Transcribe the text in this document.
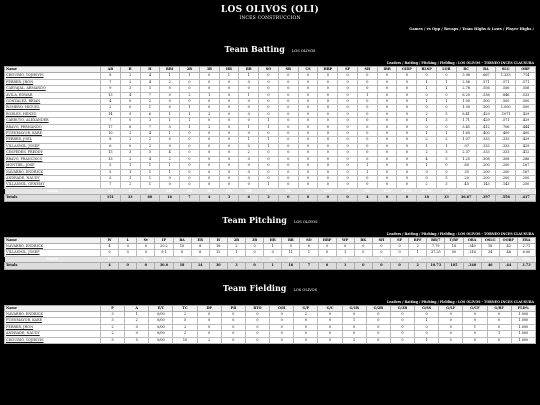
LOS OLIVOS (OLI)
INCES CONSTRUCCION
Games / vs Opp / Recaps / Team Highs & Lows / Player Highs /
Team Batting LOS OLIVOS
Leaders / Batting / Pitching / Fielding : LOS OLIVOS - TORNEO INCES CLAUSURA
Name	AB	R	H	RBI	2B	3B	HR	BB	SO	SB	CS	HBP	SF	SH	IBB	GIDP	BLSP	LOB	RC	BA	SLG	OBP
CHOURIO, YOJHSVIS	8	2	4	1	1	0	1	1	0	0	0	0	0	0	0	0	0	0	3.98	.667	1.333	.714
FERRER, JHON	7	2	4	2	0	0	0	0	0	0	0	0	0	0	0	0	1	1	2.58	.571	.571	.571
CARVAJAL, ARMANDO	9	3	5	0	0	0	0	0	0	0	0	0	0	0	0	0	1	1	2.78	.556	.556	.556
AVILA, EDWAR	13	4	7	0	2	1	0	1	0	0	0	0	0	1	0	0	0	0	6.20	.538	.846	.533
GONZALEZ, BRIAN	4	0	2	0	0	0	0	0	0	0	0	0	0	0	0	0	1	1	1.00	.500	.500	.500
ROMERO, MIGUEL	2	0	1	0	1	0	0	0	0	0	0	0	0	0	0	0	0	0	1.00	.500	1.000	.500
ROBLES, HENZO	14	5	6	1	1	2	0	0	0	0	0	0	0	0	0	0	2	5	6.41	.429	.1071	.429
CARRUYO, ALEXANDER	7	0	3	1	1	0	0	0	1	0	0	0	0	0	0	0	1	3	1.71	.429	.571	.429
BRAVO, FERNANDO	17	6	7	3	1	2	0	1	1	0	0	0	0	0	0	0	0	0	5.45	.412	.706	.444
FUENMAYOR, KARE	10	2	4	1	0	0	0	0	0	0	0	0	0	0	0	0	1	1	1.60	.400	.400	.400
FERRER, JOEL	8	2	2	0	0	0	0	1	1	0	0	0	0	0	0	0	2	2	1.07	.333	.333	.429
VILLASMIL, JOSEF	6	0	2	0	0	0	0	0	1	0	0	0	0	0	0	0	1	1	.97	.333	.333	.429
CESPEDES, FREDDY	15	3	5	4	0	0	0	2	0	0	0	0	0	0	0	0	2	5	2.37	.333	.333	.412
BRAVO, FRANCISCO	13	2	4	2	0	0	0	0	0	0	0	0	0	0	0	0	4	5	1.25	.308	.308	.286
MONTIEL, JOSE	5	1	1	1	0	0	0	0	0	0	0	0	0	1	0	0	1	0	.80	.200	.200	.167
NAVARRO, ENDRICK	5	1	1	1	0	0	0	0	0	0	0	0	0	1	0	0	0	0	.35	.200	.200	.167
ANDRADE, NAUDY	5	1	1	0	0	0	0	0	0	0	0	0	0	0	0	0	0	5	.20	.200	.200	.200
VILLASMIL, GENEMY	7	2	1	0	0	0	0	0	1	0	0	0	0	0	0	0	2	3	.45	.143	.143	.250
Name	AB	R	H	RBI	2B	3B	HR	BB	SO	SB	CS	HBP	SF	SH	IBB	GIDP	BLSP	LOB	RC	BA	SLG	OBP
Totals	151	33	60	16	7	4	3	6	2	0	0	0	0	4	0	0	18	33	36.67	.397	.556	.417
Team Pitching LOS OLIVOS
Leaders / Batting / Pitching / Fielding : LOS OLIVOS - TORNEO INCES CLAUSURA
Name	W	L	Sv	IP	BA	ER	H	2B	3B	HR	BB	SO	HBP	WP	BK	SH	SF	BPF	BB/7	T/BF	OBA	OSLG	OOBP	ERA
NAVARRO, ENDRICK	4	0	0	20.2	10	8	18	2	0	1	5	6	0	0	0	0	0	2	7.79	18	.340	18	.42	2.71
VILLASMIL, JOSEF	0	0	0	9.1	8	6	12	1	0	0	11	1	0	1	0	0	0	1	37.25	50	.316	34	.46	6.00
Name	W	L	Sv	IP	BA	ER	H	2B	3B	HR	BB	SO	HBP	WP	BK	SH	SF	BPF	BB/7	T/BF	OBA	OSLG	OOBP	ERA
Totals	4	0	0	30.0	18	14	30	3	0	1	16	7	0	1	0	0	0	2	10.73	105	.340	46	.44	3.73
Team Fielding LOS OLIVOS
Leaders / Batting / Pitching / Fielding : LOS OLIVOS - TORNEO INCES CLAUSURA
Name	P	A	E/T	TC	DP	PB	RTO	O/H	G/P	G/C	G/1B	G/2B	G/3B	G/SS	G/LF	G/CF	G/RF	FLD%
NAVARRO, ENDRICK	3	1	0/00	2	0	0	0	0	2	0	0	0	0	0	0	0	0	1.000
FUENMAYOR, KARE	3	2	0/00	5	0	0	0	0	0	0	1	0	0	1	0	0	0	1.000
FERRER, JHON	2	0	0/00	2	0	0	0	0	0	0	0	0	0	0	0	1	0	1.000
ANDRADE, NAUDY	2	0	0/00	2	0	0	0	0	0	0	0	0	0	0	0	0	1	1.000
CHOURIO, YOJHSVIS	5	5	0/00	10	2	0	0	0	0	0	1	0	0	1	0	0	0	1.000
